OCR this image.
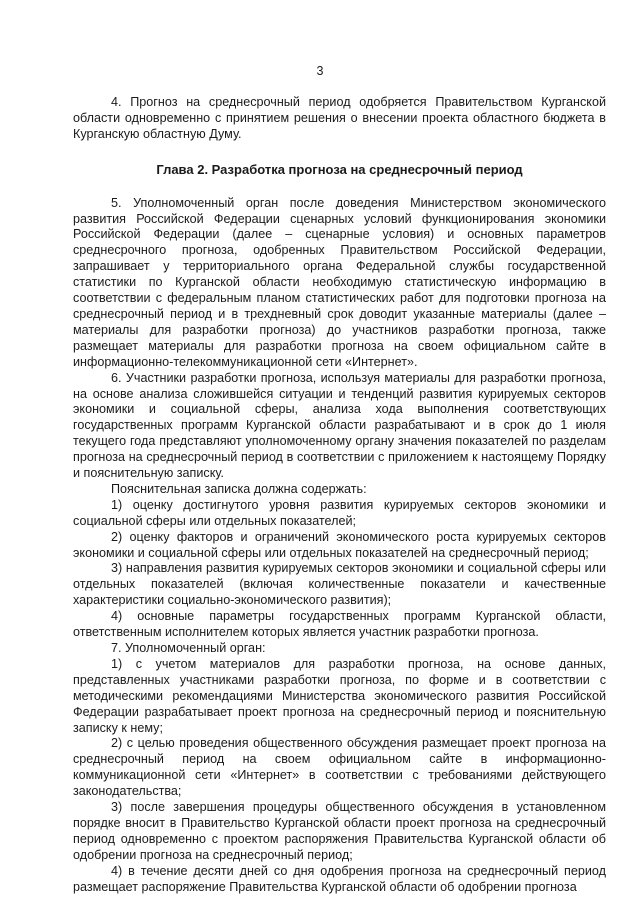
3

4. Прогноз на среднесрочный период одобряется Правительством Курганской области одновременно с принятием решения о внесении проекта областного бюджета в Курганскую областную Думу.

Глава 2. Разработка прогноза на среднесрочный период

5. Уполномоченный орган после доведения Министерством экономического развития Российской Федерации сценарных условий функционирования экономики Российской Федерации (далее – сценарные условия) и основных параметров среднесрочного прогноза, одобренных Правительством Российской Федерации, запрашивает у территориального органа Федеральной службы государственной статистики по Курганской области необходимую статистическую информацию в соответствии с федеральным планом статистических работ для подготовки прогноза на среднесрочный период и в трехдневный срок доводит указанные материалы (далее – материалы для разработки прогноза) до участников разработки прогноза, также размещает материалы для разработки прогноза на своем официальном сайте в информационно-телекоммуникационной сети «Интернет».

6. Участники разработки прогноза, используя материалы для разработки прогноза, на основе анализа сложившейся ситуации и тенденций развития курируемых секторов экономики и социальной сферы, анализа хода выполнения соответствующих государственных программ Курганской области разрабатывают и в срок до 1 июля текущего года представляют уполномоченному органу значения показателей по разделам прогноза на среднесрочный период в соответствии с приложением к настоящему Порядку и пояснительную записку.

Пояснительная записка должна содержать:

1) оценку достигнутого уровня развития курируемых секторов экономики и социальной сферы или отдельных показателей;

2) оценку факторов и ограничений экономического роста курируемых секторов экономики и социальной сферы или отдельных показателей на среднесрочный период;

3) направления развития курируемых секторов экономики и социальной сферы или отдельных показателей (включая количественные показатели и качественные характеристики социально-экономического развития);

4) основные параметры государственных программ Курганской области, ответственным исполнителем которых является участник разработки прогноза.

7. Уполномоченный орган:

1) с учетом материалов для разработки прогноза, на основе данных, представленных участниками разработки прогноза, по форме и в соответствии с методическими рекомендациями Министерства экономического развития Российской Федерации разрабатывает проект прогноза на среднесрочный период и пояснительную записку к нему;

2) с целью проведения общественного обсуждения размещает проект прогноза на среднесрочный период на своем официальном сайте в информационно-коммуникационной сети «Интернет» в соответствии с требованиями действующего законодательства;

3) после завершения процедуры общественного обсуждения в установленном порядке вносит в Правительство Курганской области проект прогноза на среднесрочный период одновременно с проектом распоряжения Правительства Курганской области об одобрении прогноза на среднесрочный период;

4) в течение десяти дней со дня одобрения прогноза на среднесрочный период размещает распоряжение Правительства Курганской области об одобрении прогноза
